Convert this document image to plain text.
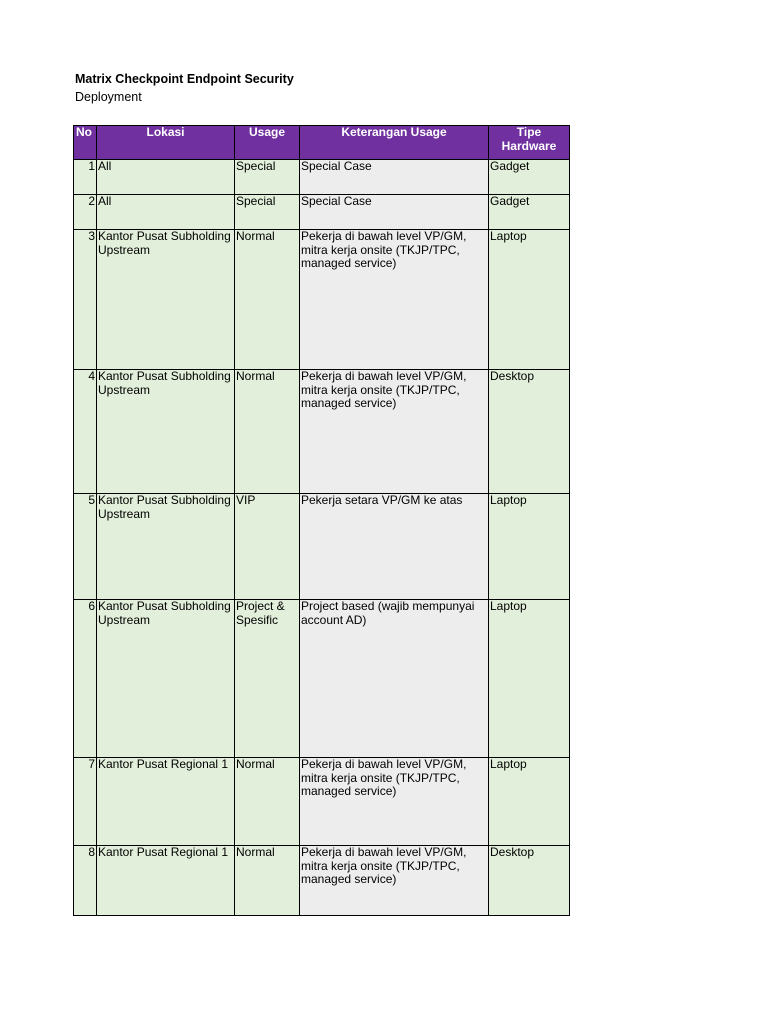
Matrix Checkpoint Endpoint Security
Deployment
No	Lokasi	Usage	Keterangan Usage	Tipe Hardware
1	All	Special	Special Case	Gadget
2	All	Special	Special Case	Gadget
3	Kantor Pusat Subholding Upstream	Normal	Pekerja di bawah level VP/GM, mitra kerja onsite (TKJP/TPC, managed service)	Laptop
4	Kantor Pusat Subholding Upstream	Normal	Pekerja di bawah level VP/GM, mitra kerja onsite (TKJP/TPC, managed service)	Desktop
5	Kantor Pusat Subholding Upstream	VIP	Pekerja setara VP/GM ke atas	Laptop
6	Kantor Pusat Subholding Upstream	Project & Spesific	Project based (wajib mempunyai account AD)	Laptop
7	Kantor Pusat Regional 1	Normal	Pekerja di bawah level VP/GM, mitra kerja onsite (TKJP/TPC, managed service)	Laptop
8	Kantor Pusat Regional 1	Normal	Pekerja di bawah level VP/GM, mitra kerja onsite (TKJP/TPC, managed service)	Desktop
